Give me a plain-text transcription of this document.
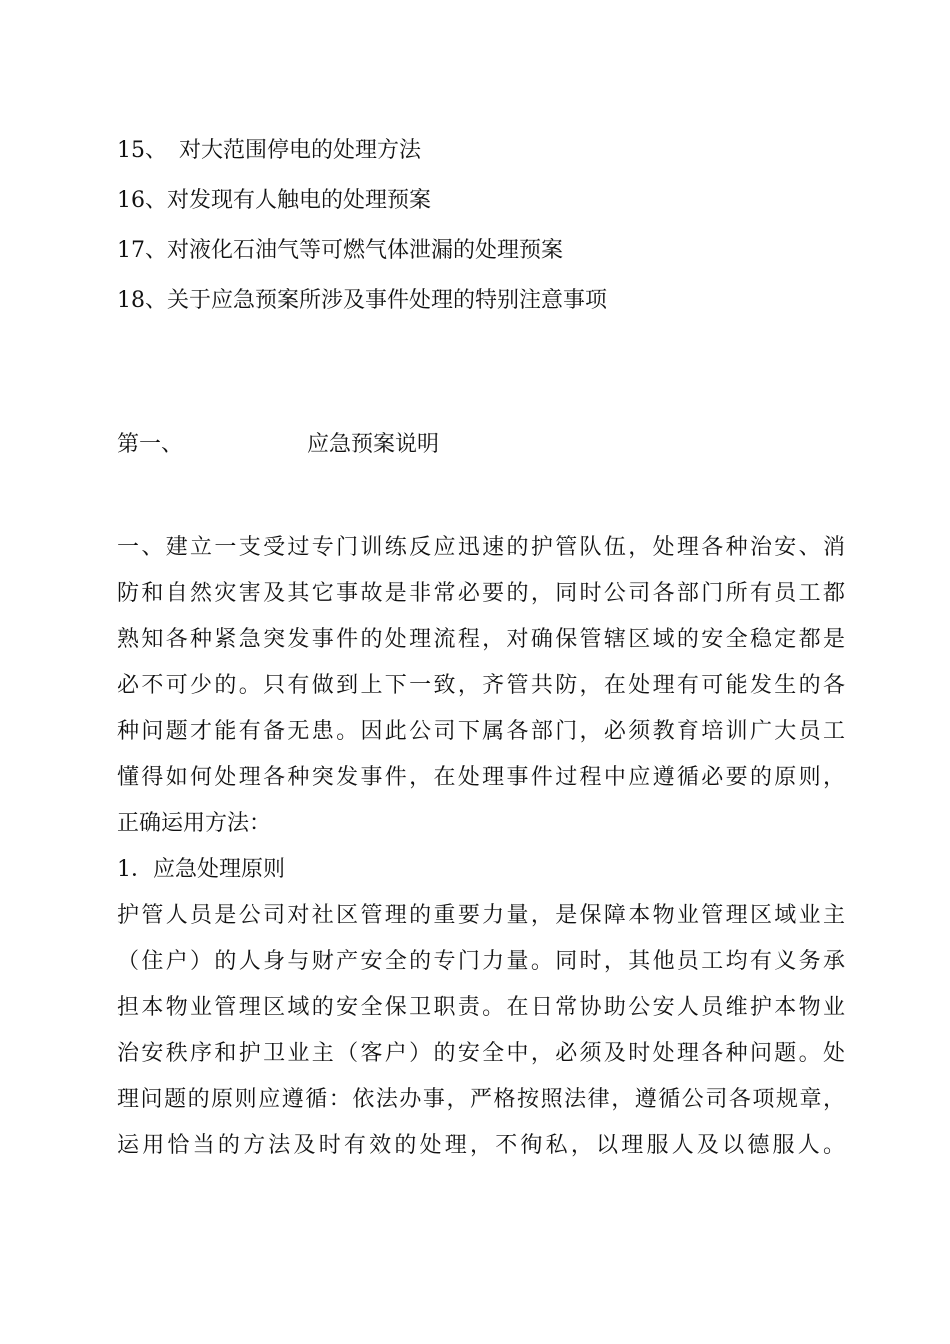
15、 对大范围停电的处理方法
16、对发现有人触电的处理预案
17、对液化石油气等可燃气体泄漏的处理预案
18、关于应急预案所涉及事件处理的特别注意事项
第一、	应急预案说明
一、建立一支受过专门训练反应迅速的护管队伍，处理各种治安、消
防和自然灾害及其它事故是非常必要的，同时公司各部门所有员工都
熟知各种紧急突发事件的处理流程，对确保管辖区域的安全稳定都是
必不可少的。只有做到上下一致，齐管共防，在处理有可能发生的各
种问题才能有备无患。因此公司下属各部门，必须教育培训广大员工
懂得如何处理各种突发事件，在处理事件过程中应遵循必要的原则，
正确运用方法：
1．应急处理原则
护管人员是公司对社区管理的重要力量，是保障本物业管理区域业主
（住户）的人身与财产安全的专门力量。同时，其他员工均有义务承
担本物业管理区域的安全保卫职责。在日常协助公安人员维护本物业
治安秩序和护卫业主（客户）的安全中，必须及时处理各种问题。处
理问题的原则应遵循：依法办事，严格按照法律，遵循公司各项规章，
运用恰当的方法及时有效的处理，不徇私，以理服人及以德服人。
